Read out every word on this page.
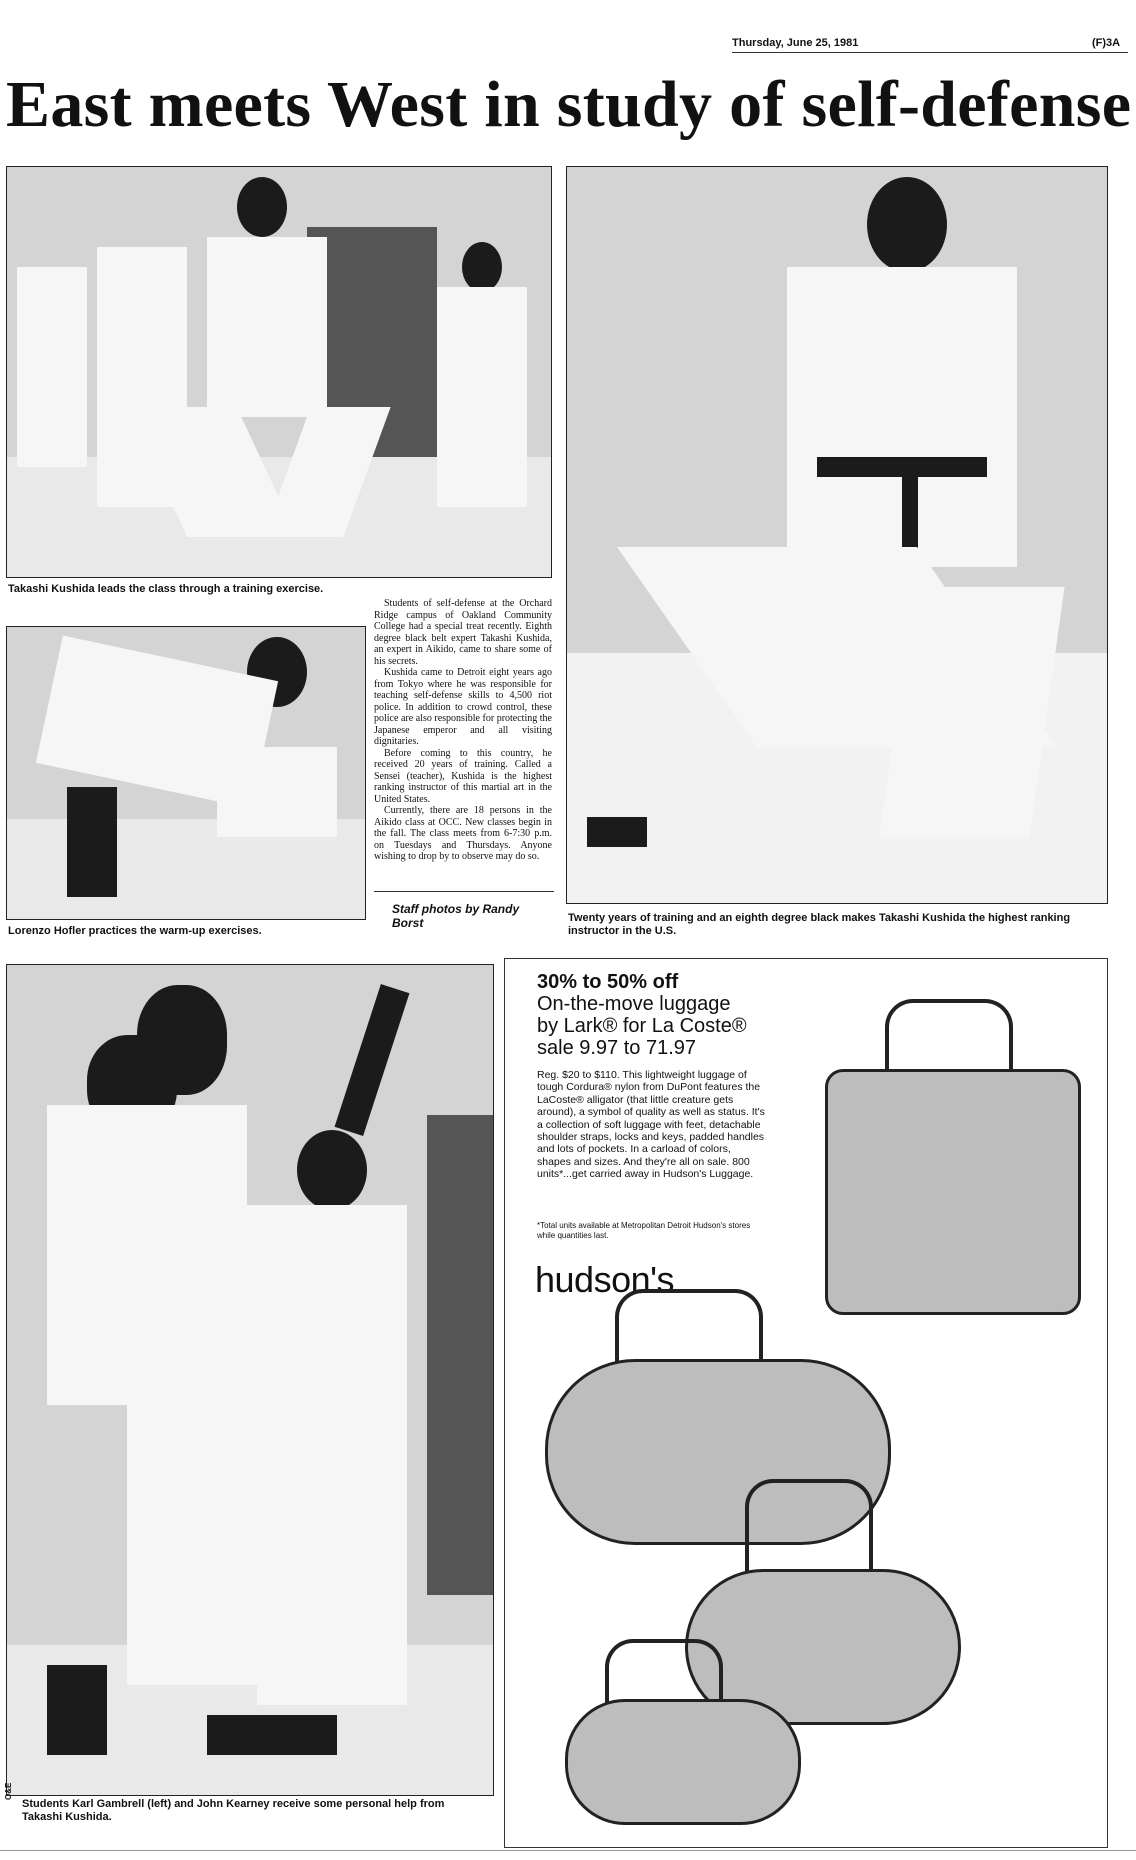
Thursday, June 25, 1981	(F)3A
East meets West in study of self-defense
Takashi Kushida leads the class through a training exercise.
Lorenzo Hofler practices the warm-up exercises.

Students of self-defense at the Orchard Ridge campus of Oakland Community College had a special treat recently. Eighth degree black belt expert Takashi Kushida, an expert in Aikido, came to share some of his secrets.

Kushida came to Detroit eight years ago from Tokyo where he was responsible for teaching self-defense skills to 4,500 riot police. In addition to crowd control, these police are also responsible for protecting the Japanese emperor and all visiting dignitaries.

Before coming to this country, he received 20 years of training. Called a Sensei (teacher), Kushida is the highest ranking instructor of this martial art in the United States.

Currently, there are 18 persons in the Aikido class at OCC. New classes begin in the fall. The class meets from 6-7:30 p.m. on Tuesdays and Thursdays. Anyone wishing to drop by to observe may do so.

Staff photos by Randy Borst	Twenty years of training and an eighth degree black makes Takashi Kushida the highest ranking instructor in the U.S.
Students Karl Gambrell (left) and John Kearney receive some personal help from Takashi Kushida.
O&E
30% to 50% off
On-the-move luggage
by Lark® for La Coste®
sale 9.97 to 71.97
Reg. $20 to $110. This lightweight luggage of tough Cordura® nylon from DuPont features the LaCoste® alligator (that little creature gets around), a symbol of quality as well as status. It's a collection of soft luggage with feet, detachable shoulder straps, locks and keys, padded handles and lots of pockets. In a carload of colors, shapes and sizes. And they're all on sale. 800 units*...get carried away in Hudson's Luggage.
*Total units available at Metropolitan Detroit Hudson's stores while quantities last.
hudson's
